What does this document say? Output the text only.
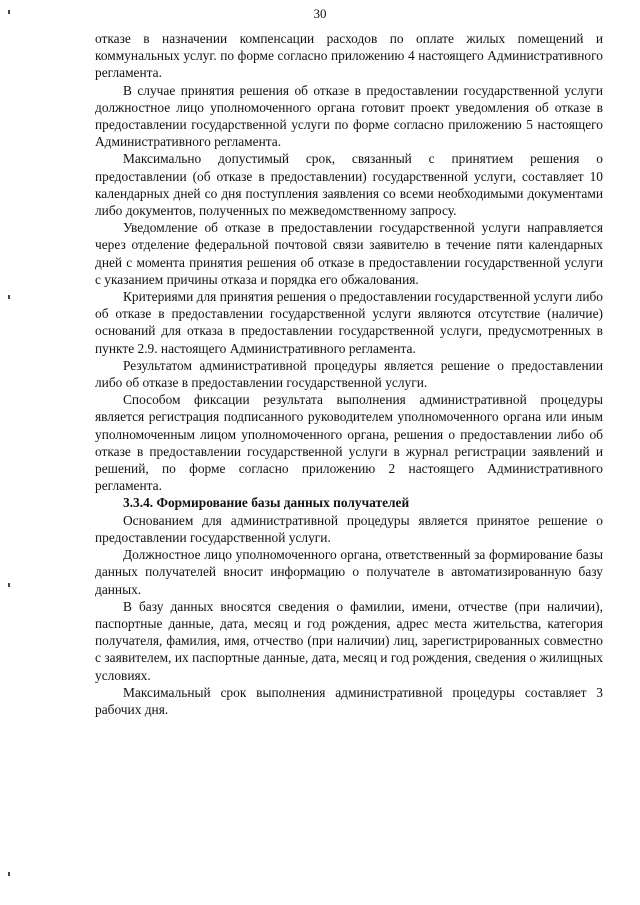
30

отказе в назначении компенсации расходов по оплате жилых помещений и коммунальных услуг. по форме согласно приложению 4 настоящего Административного регламента.

В случае принятия решения об отказе в предоставлении государственной услуги должностное лицо уполномоченного органа готовит проект уведомления об отказе в предоставлении государственной услуги по форме согласно приложению 5 настоящего Административного регламента.

Максимально допустимый срок, связанный с принятием решения о предоставлении (об отказе в предоставлении) государственной услуги, составляет 10 календарных дней со дня поступления заявления со всеми необходимыми документами либо документов, полученных по межведомственному запросу.

Уведомление об отказе в предоставлении государственной услуги направляется через отделение федеральной почтовой связи заявителю в течение пяти календарных дней с момента принятия решения об отказе в предоставлении государственной услуги с указанием причины отказа и порядка его обжалования.

Критериями для принятия решения о предоставлении государственной услуги либо об отказе в предоставлении государственной услуги являются отсутствие (наличие) оснований для отказа в предоставлении государственной услуги, предусмотренных в пункте 2.9. настоящего Административного регламента.

Результатом административной процедуры является решение о предоставлении либо об отказе в предоставлении государственной услуги.

Способом фиксации результата выполнения административной процедуры является регистрация подписанного руководителем уполномоченного органа или иным уполномоченным лицом уполномоченного органа, решения о предоставлении либо об отказе в предоставлении государственной услуги в журнал регистрации заявлений и решений, по форме согласно приложению 2 настоящего Административного регламента.

3.3.4. Формирование базы данных получателей

Основанием для административной процедуры является принятое решение о предоставлении государственной услуги.

Должностное лицо уполномоченного органа, ответственный за формирование базы данных получателей вносит информацию о получателе в автоматизированную базу данных.

В базу данных вносятся сведения о фамилии, имени, отчестве (при наличии), паспортные данные, дата, месяц и год рождения, адрес места жительства, категория получателя, фамилия, имя, отчество (при наличии) лиц, зарегистрированных совместно с заявителем, их паспортные данные, дата, месяц и год рождения, сведения о жилищных условиях.

Максимальный срок выполнения административной процедуры составляет 3 рабочих дня.
